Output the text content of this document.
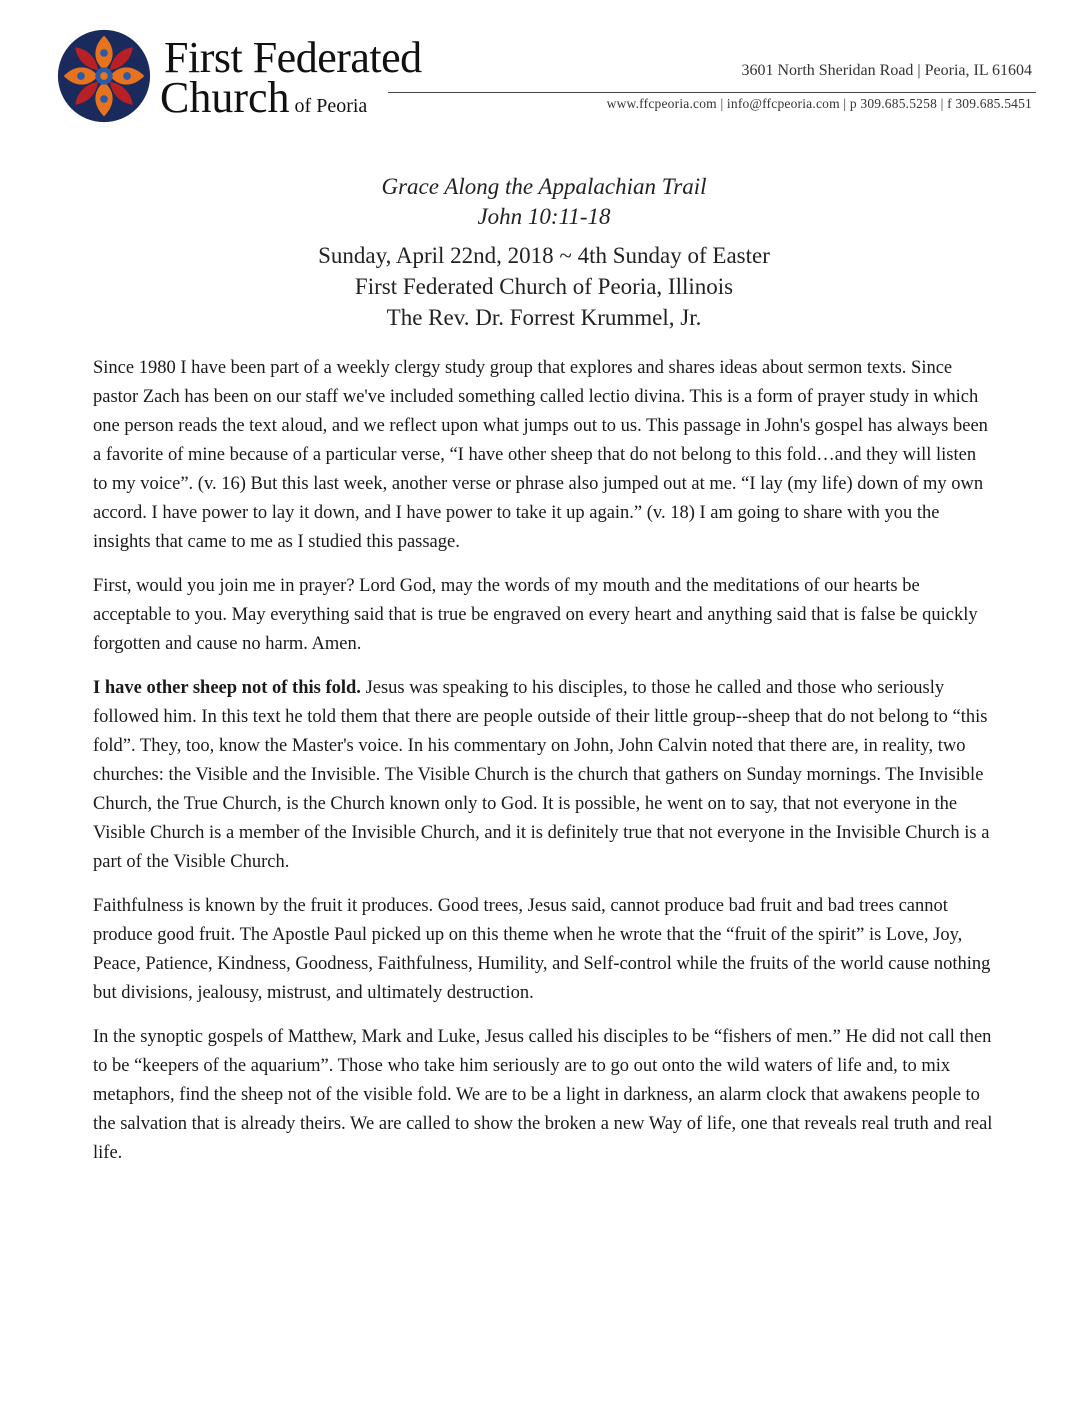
First Federated
Church of Peoria
3601 North Sheridan Road | Peoria, IL 61604
www.ffcpeoria.com | info@ffcpeoria.com | p 309.685.5258 | f 309.685.5451
Grace Along the Appalachian Trail
John 10:11-18
Sunday, April 22nd, 2018 ~ 4th Sunday of Easter
First Federated Church of Peoria, Illinois
The Rev. Dr. Forrest Krummel, Jr.

Since 1980 I have been part of a weekly clergy study group that explores and shares ideas about sermon texts. Since pastor Zach has been on our staff we've included something called lectio divina. This is a form of prayer study in which one person reads the text aloud, and we reflect upon what jumps out to us. This passage in John's gospel has always been a favorite of mine because of a particular verse, “I have other sheep that do not belong to this fold…and they will listen to my voice”. (v. 16) But this last week, another verse or phrase also jumped out at me. “I lay (my life) down of my own accord. I have power to lay it down, and I have power to take it up again.” (v. 18) I am going to share with you the insights that came to me as I studied this passage.

First, would you join me in prayer? Lord God, may the words of my mouth and the meditations of our hearts be acceptable to you. May everything said that is true be engraved on every heart and anything said that is false be quickly forgotten and cause no harm. Amen.

I have other sheep not of this fold. Jesus was speaking to his disciples, to those he called and those who seriously followed him. In this text he told them that there are people outside of their little group--sheep that do not belong to “this fold”. They, too, know the Master's voice. In his commentary on John, John Calvin noted that there are, in reality, two churches: the Visible and the Invisible. The Visible Church is the church that gathers on Sunday mornings. The Invisible Church, the True Church, is the Church known only to God. It is possible, he went on to say, that not everyone in the Visible Church is a member of the Invisible Church, and it is definitely true that not everyone in the Invisible Church is a part of the Visible Church.

Faithfulness is known by the fruit it produces. Good trees, Jesus said, cannot produce bad fruit and bad trees cannot produce good fruit. The Apostle Paul picked up on this theme when he wrote that the “fruit of the spirit” is Love, Joy, Peace, Patience, Kindness, Goodness, Faithfulness, Humility, and Self-control while the fruits of the world cause nothing but divisions, jealousy, mistrust, and ultimately destruction.

In the synoptic gospels of Matthew, Mark and Luke, Jesus called his disciples to be “fishers of men.” He did not call then to be “keepers of the aquarium”. Those who take him seriously are to go out onto the wild waters of life and, to mix metaphors, find the sheep not of the visible fold. We are to be a light in darkness, an alarm clock that awakens people to the salvation that is already theirs. We are called to show the broken a new Way of life, one that reveals real truth and real life.
